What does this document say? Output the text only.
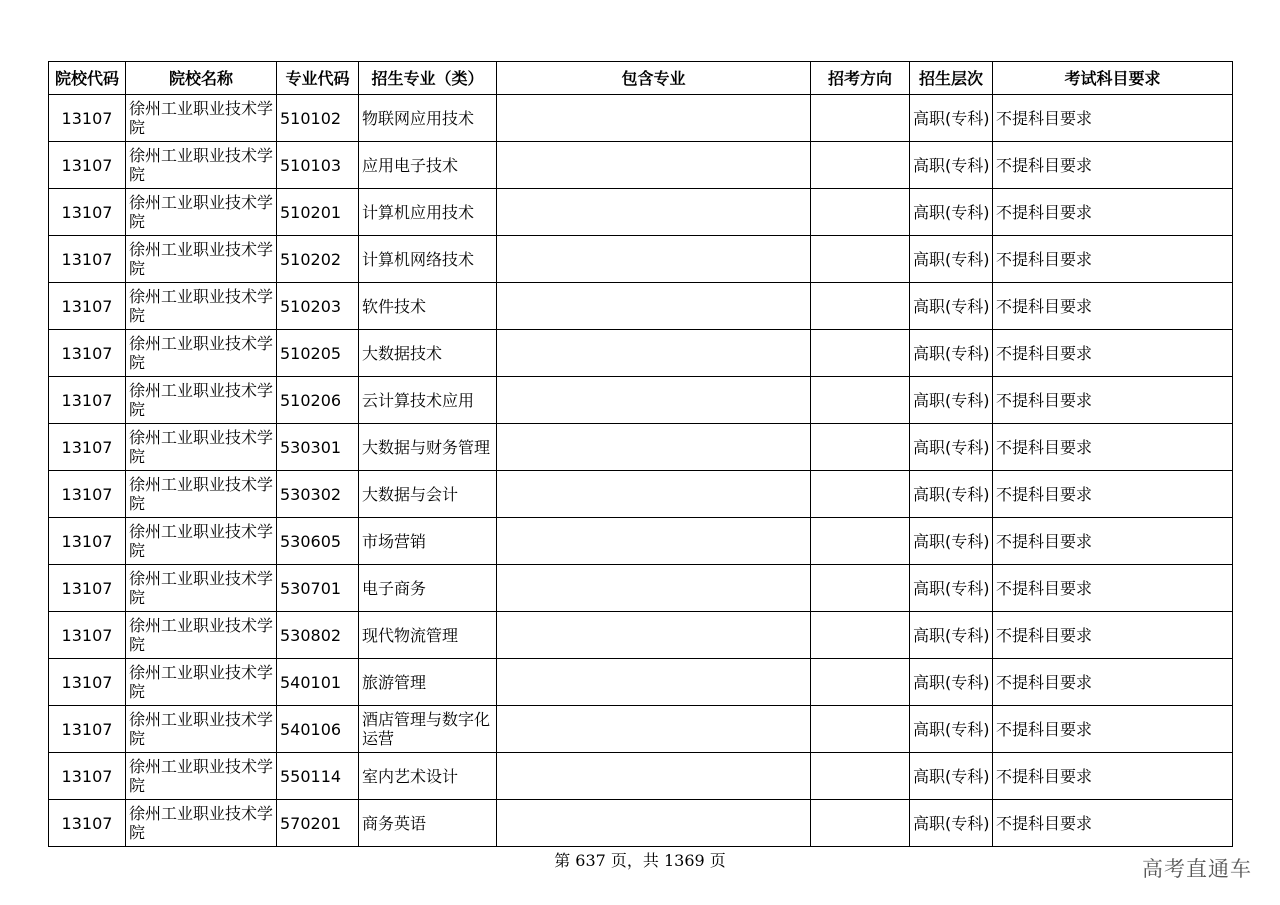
院校代码	院校名称	专业代码	招生专业（类）	包含专业	招考方向	招生层次	考试科目要求
13107	徐州工业职业技术学院	510102	物联网应用技术			高职(专科)	不提科目要求
13107	徐州工业职业技术学院	510103	应用电子技术			高职(专科)	不提科目要求
13107	徐州工业职业技术学院	510201	计算机应用技术			高职(专科)	不提科目要求
13107	徐州工业职业技术学院	510202	计算机网络技术			高职(专科)	不提科目要求
13107	徐州工业职业技术学院	510203	软件技术			高职(专科)	不提科目要求
13107	徐州工业职业技术学院	510205	大数据技术			高职(专科)	不提科目要求
13107	徐州工业职业技术学院	510206	云计算技术应用			高职(专科)	不提科目要求
13107	徐州工业职业技术学院	530301	大数据与财务管理			高职(专科)	不提科目要求
13107	徐州工业职业技术学院	530302	大数据与会计			高职(专科)	不提科目要求
13107	徐州工业职业技术学院	530605	市场营销			高职(专科)	不提科目要求
13107	徐州工业职业技术学院	530701	电子商务			高职(专科)	不提科目要求
13107	徐州工业职业技术学院	530802	现代物流管理			高职(专科)	不提科目要求
13107	徐州工业职业技术学院	540101	旅游管理			高职(专科)	不提科目要求
13107	徐州工业职业技术学院	540106	酒店管理与数字化运营			高职(专科)	不提科目要求
13107	徐州工业职业技术学院	550114	室内艺术设计			高职(专科)	不提科目要求
13107	徐州工业职业技术学院	570201	商务英语			高职(专科)	不提科目要求
第 637 页，共 1369 页	高考直通车
